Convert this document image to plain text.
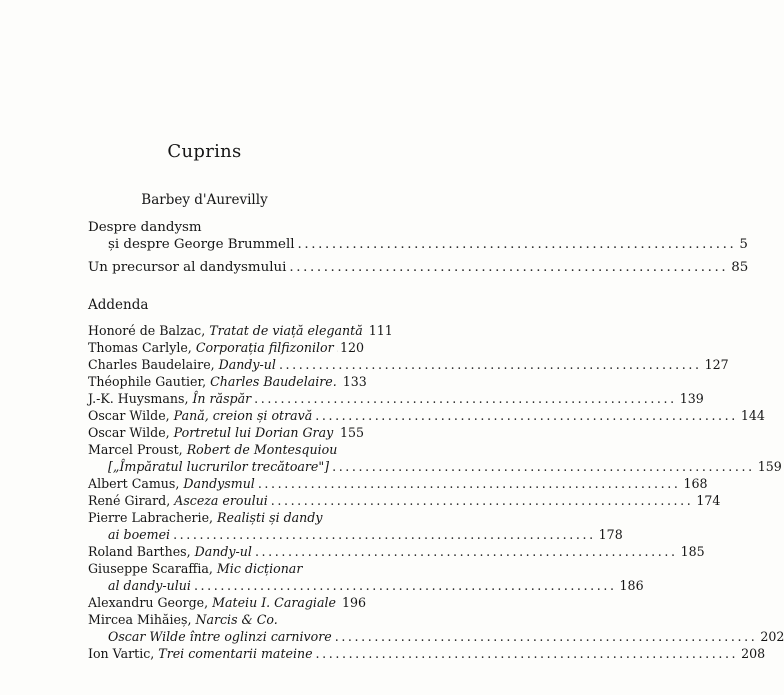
Cuprins
Barbey d'Aurevilly
Despre dandysm
și despre George Brummell ................................................................ 5
Un precursor al dandysmului ................................................................ 85
Addenda
Honoré de Balzac, Tratat de viață elegantă 111
Thomas Carlyle, Corporația filfizonilor 120
Charles Baudelaire, Dandy-ul ................................................................ 127
Théophile Gautier, Charles Baudelaire. 133
J.-K. Huysmans, În răspăr ................................................................ 139
Oscar Wilde, Pană, creion și otravă ................................................................ 144
Oscar Wilde, Portretul lui Dorian Gray 155
Marcel Proust, Robert de Montesquiou
[„Împăratul lucrurilor trecătoare"] ................................................................ 159
Albert Camus, Dandysmul ................................................................ 168
René Girard, Asceza eroului ................................................................ 174
Pierre Labracherie, Realiști și dandy
ai boemei ................................................................ 178
Roland Barthes, Dandy-ul ................................................................ 185
Giuseppe Scaraffia, Mic dicționar
al dandy-ului ................................................................ 186
Alexandru George, Mateiu I. Caragiale 196
Mircea Mihăieș, Narcis & Co.
Oscar Wilde între oglinzi carnivore ................................................................ 202
Ion Vartic, Trei comentarii mateine ................................................................ 208
